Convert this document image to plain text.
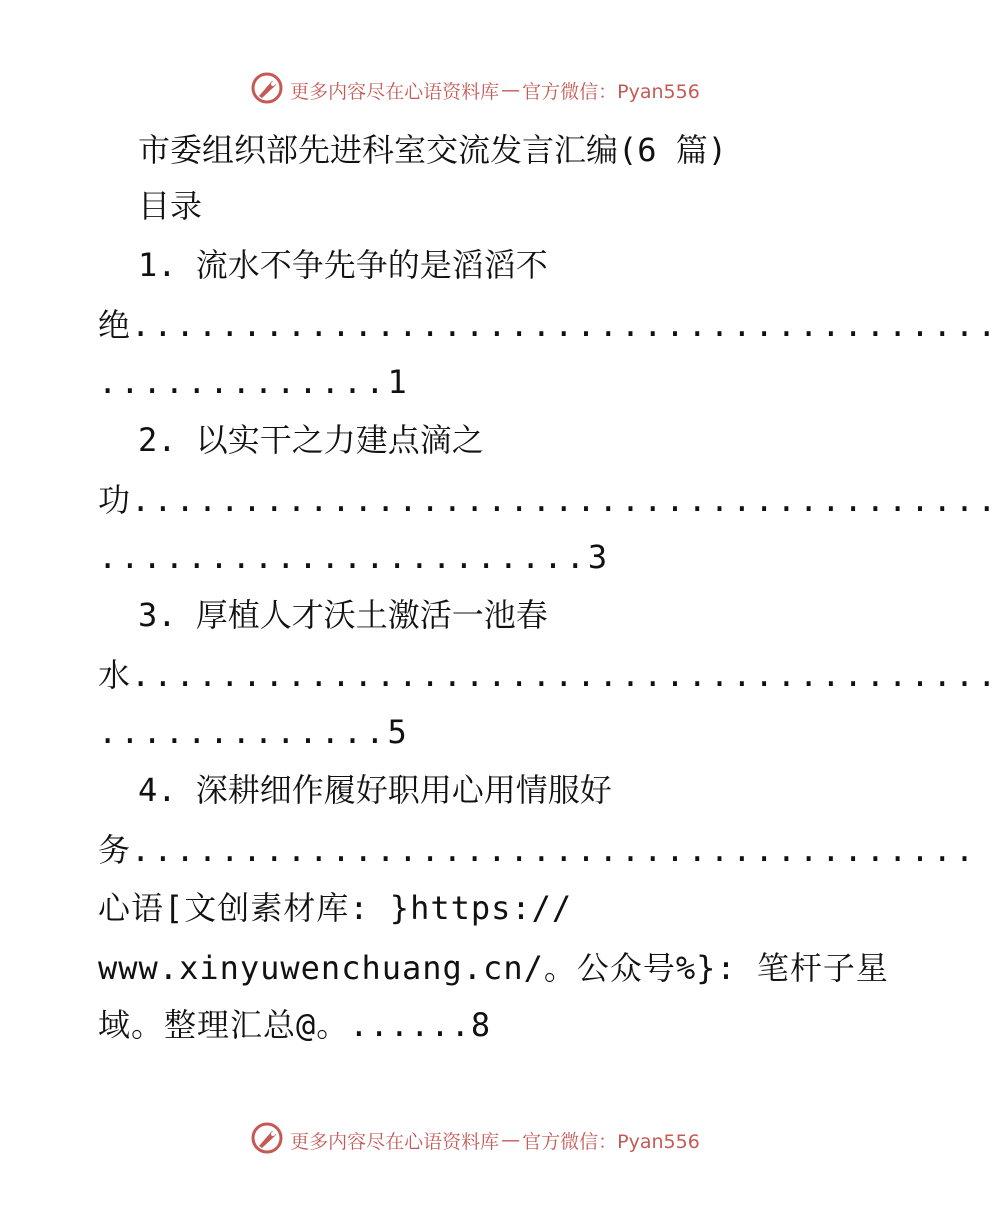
更多内容尽在心语资料库 — 官方微信：Pyan556
市委组织部先进科室交流发言汇编(6 篇)
目录
1. 流水不争先争的是滔滔不
绝.......................................
.............1
2. 以实干之力建点滴之
功.......................................
......................3
3. 厚植人才沃土激活一池春
水.......................................
.............5
4. 深耕细作履好职用心用情服好
务......................................
心语[文创素材库: }https://
www.xinyuwenchuang.cn/。公众号%}: 笔杆子星
域。整理汇总@。......8
更多内容尽在心语资料库 — 官方微信：Pyan556
